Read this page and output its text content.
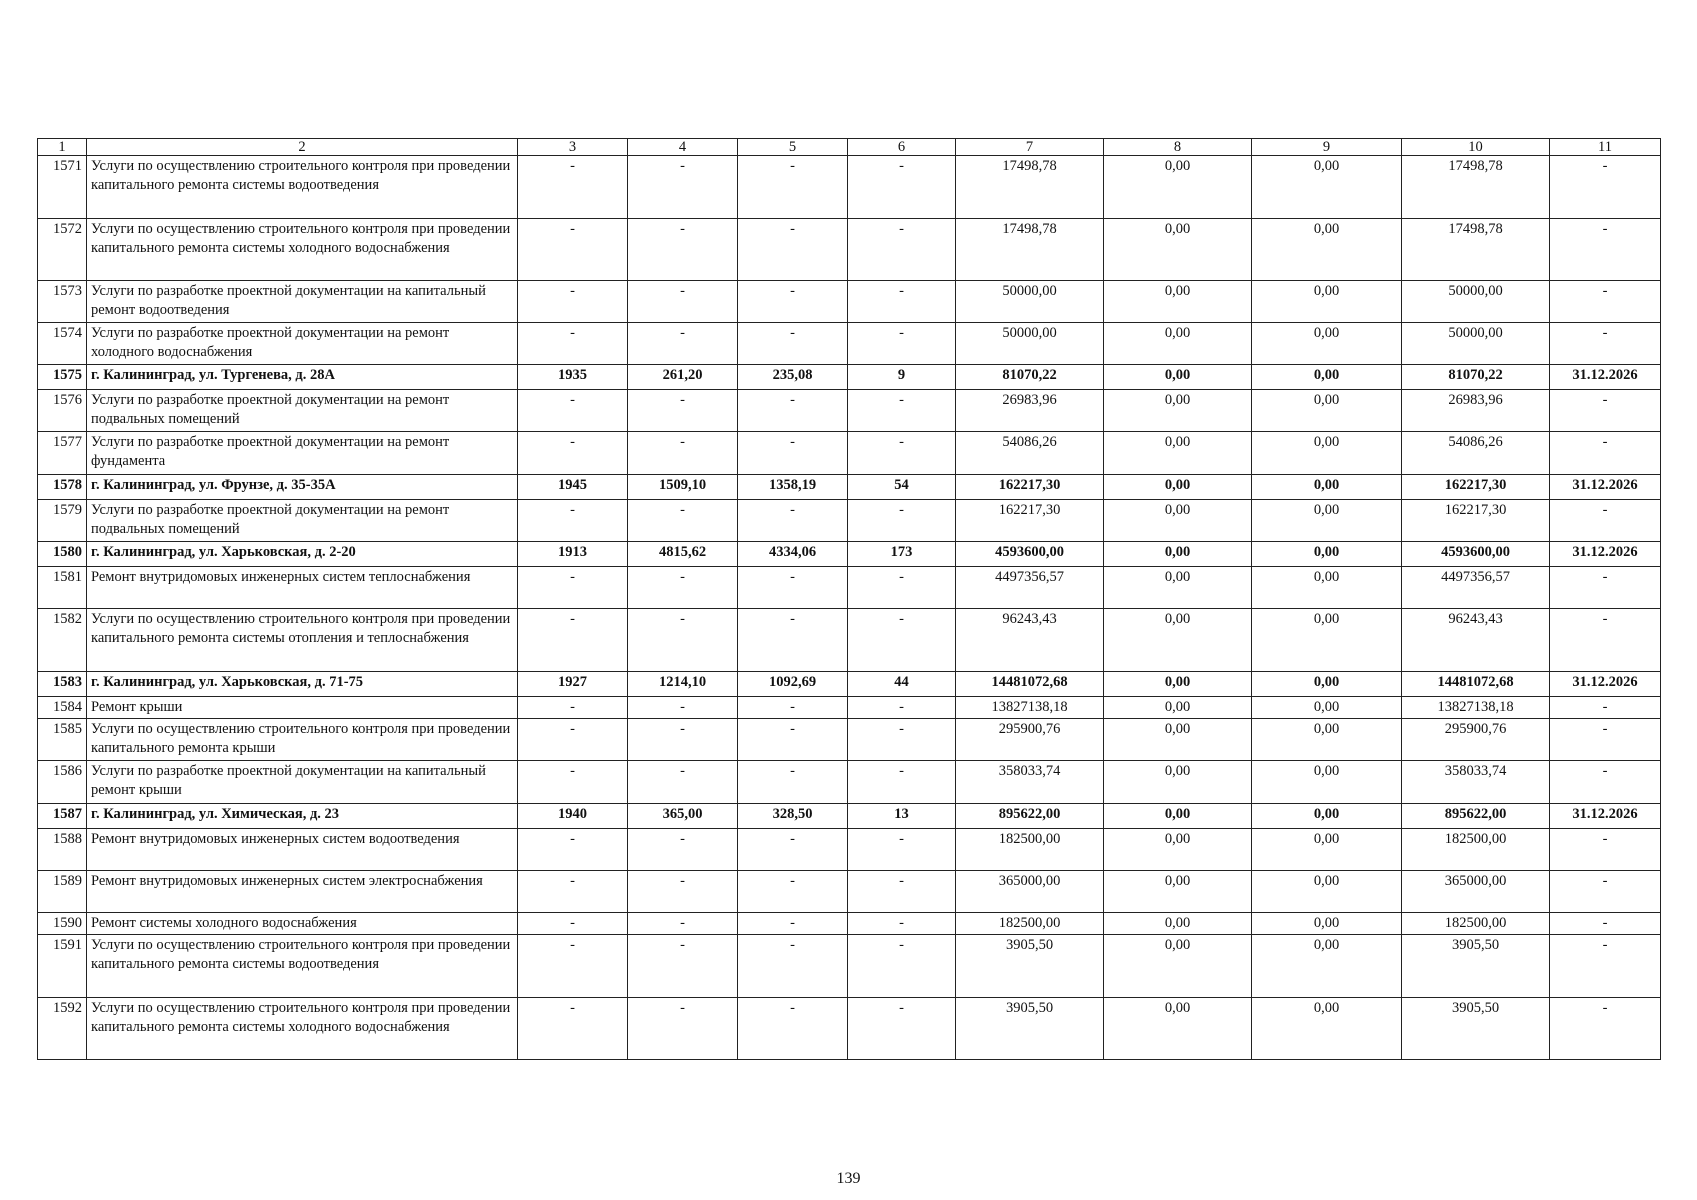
1	2	3	4	5	6	7	8	9	10	11
1571	Услуги по осуществлению строительного контроля при проведении капитального ремонта системы водоотведения	-	-	-	-	17498,78	0,00	0,00	17498,78	-
1572	Услуги по осуществлению строительного контроля при проведении капитального ремонта системы холодного водоснабжения	-	-	-	-	17498,78	0,00	0,00	17498,78	-
1573	Услуги по разработке проектной документации на капитальный ремонт водоотведения	-	-	-	-	50000,00	0,00	0,00	50000,00	-
1574	Услуги по разработке проектной документации на ремонт холодного водоснабжения	-	-	-	-	50000,00	0,00	0,00	50000,00	-
1575	г. Калининград, ул. Тургенева, д. 28А	1935	261,20	235,08	9	81070,22	0,00	0,00	81070,22	31.12.2026
1576	Услуги по разработке проектной документации на ремонт подвальных помещений	-	-	-	-	26983,96	0,00	0,00	26983,96	-
1577	Услуги по разработке проектной документации на ремонт фундамента	-	-	-	-	54086,26	0,00	0,00	54086,26	-
1578	г. Калининград, ул. Фрунзе, д. 35-35А	1945	1509,10	1358,19	54	162217,30	0,00	0,00	162217,30	31.12.2026
1579	Услуги по разработке проектной документации на ремонт подвальных помещений	-	-	-	-	162217,30	0,00	0,00	162217,30	-
1580	г. Калининград, ул. Харьковская, д. 2-20	1913	4815,62	4334,06	173	4593600,00	0,00	0,00	4593600,00	31.12.2026
1581	Ремонт внутридомовых инженерных систем теплоснабжения	-	-	-	-	4497356,57	0,00	0,00	4497356,57	-
1582	Услуги по осуществлению строительного контроля при проведении капитального ремонта системы отопления и теплоснабжения	-	-	-	-	96243,43	0,00	0,00	96243,43	-
1583	г. Калининград, ул. Харьковская, д. 71-75	1927	1214,10	1092,69	44	14481072,68	0,00	0,00	14481072,68	31.12.2026
1584	Ремонт крыши	-	-	-	-	13827138,18	0,00	0,00	13827138,18	-
1585	Услуги по осуществлению строительного контроля при проведении капитального ремонта крыши	-	-	-	-	295900,76	0,00	0,00	295900,76	-
1586	Услуги по разработке проектной документации на капитальный ремонт крыши	-	-	-	-	358033,74	0,00	0,00	358033,74	-
1587	г. Калининград, ул. Химическая, д. 23	1940	365,00	328,50	13	895622,00	0,00	0,00	895622,00	31.12.2026
1588	Ремонт внутридомовых инженерных систем водоотведения	-	-	-	-	182500,00	0,00	0,00	182500,00	-
1589	Ремонт внутридомовых инженерных систем электроснабжения	-	-	-	-	365000,00	0,00	0,00	365000,00	-
1590	Ремонт системы холодного водоснабжения	-	-	-	-	182500,00	0,00	0,00	182500,00	-
1591	Услуги по осуществлению строительного контроля при проведении капитального ремонта системы водоотведения	-	-	-	-	3905,50	0,00	0,00	3905,50	-
1592	Услуги по осуществлению строительного контроля при проведении капитального ремонта системы холодного водоснабжения	-	-	-	-	3905,50	0,00	0,00	3905,50	-
139
